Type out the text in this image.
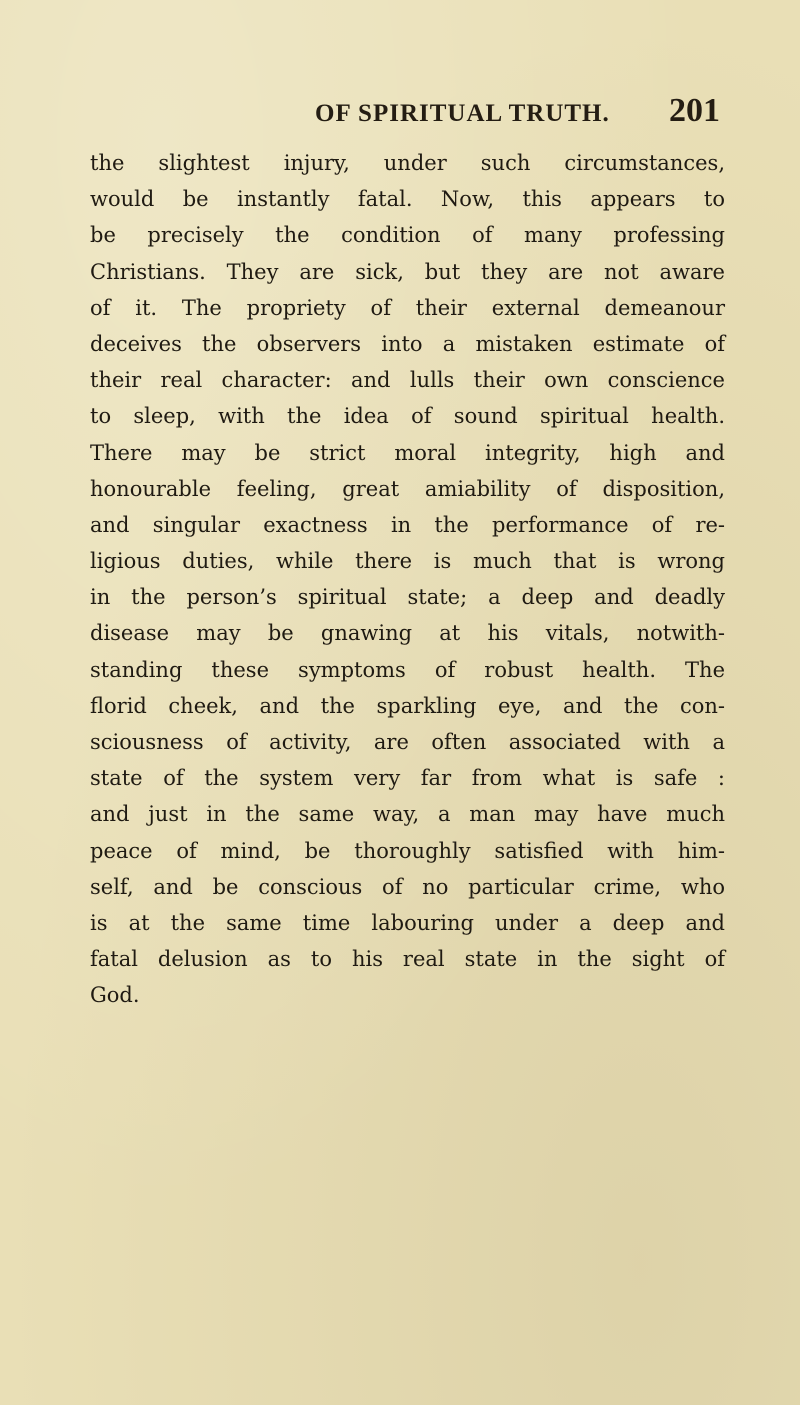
OF SPIRITUAL TRUTH. 201
the slightest injury, under such circumstances,
would be instantly fatal. Now, this appears to
be precisely the condition of many professing
Christians. They are sick, but they are not aware
of it. The propriety of their external demeanour
deceives the observers into a mistaken estimate of
their real character: and lulls their own conscience
to sleep, with the idea of sound spiritual health.
There may be strict moral integrity, high and
honourable feeling, great amiability of disposition,
and singular exactness in the performance of re-
ligious duties, while there is much that is wrong
in the person’s spiritual state; a deep and deadly
disease may be gnawing at his vitals, notwith-
standing these symptoms of robust health. The
florid cheek, and the sparkling eye, and the con-
sciousness of activity, are often associated with a
state of the system very far from what is safe :
and just in the same way, a man may have much
peace of mind, be thoroughly satisfied with him-
self, and be conscious of no particular crime, who
is at the same time labouring under a deep and
fatal delusion as to his real state in the sight of
God.
